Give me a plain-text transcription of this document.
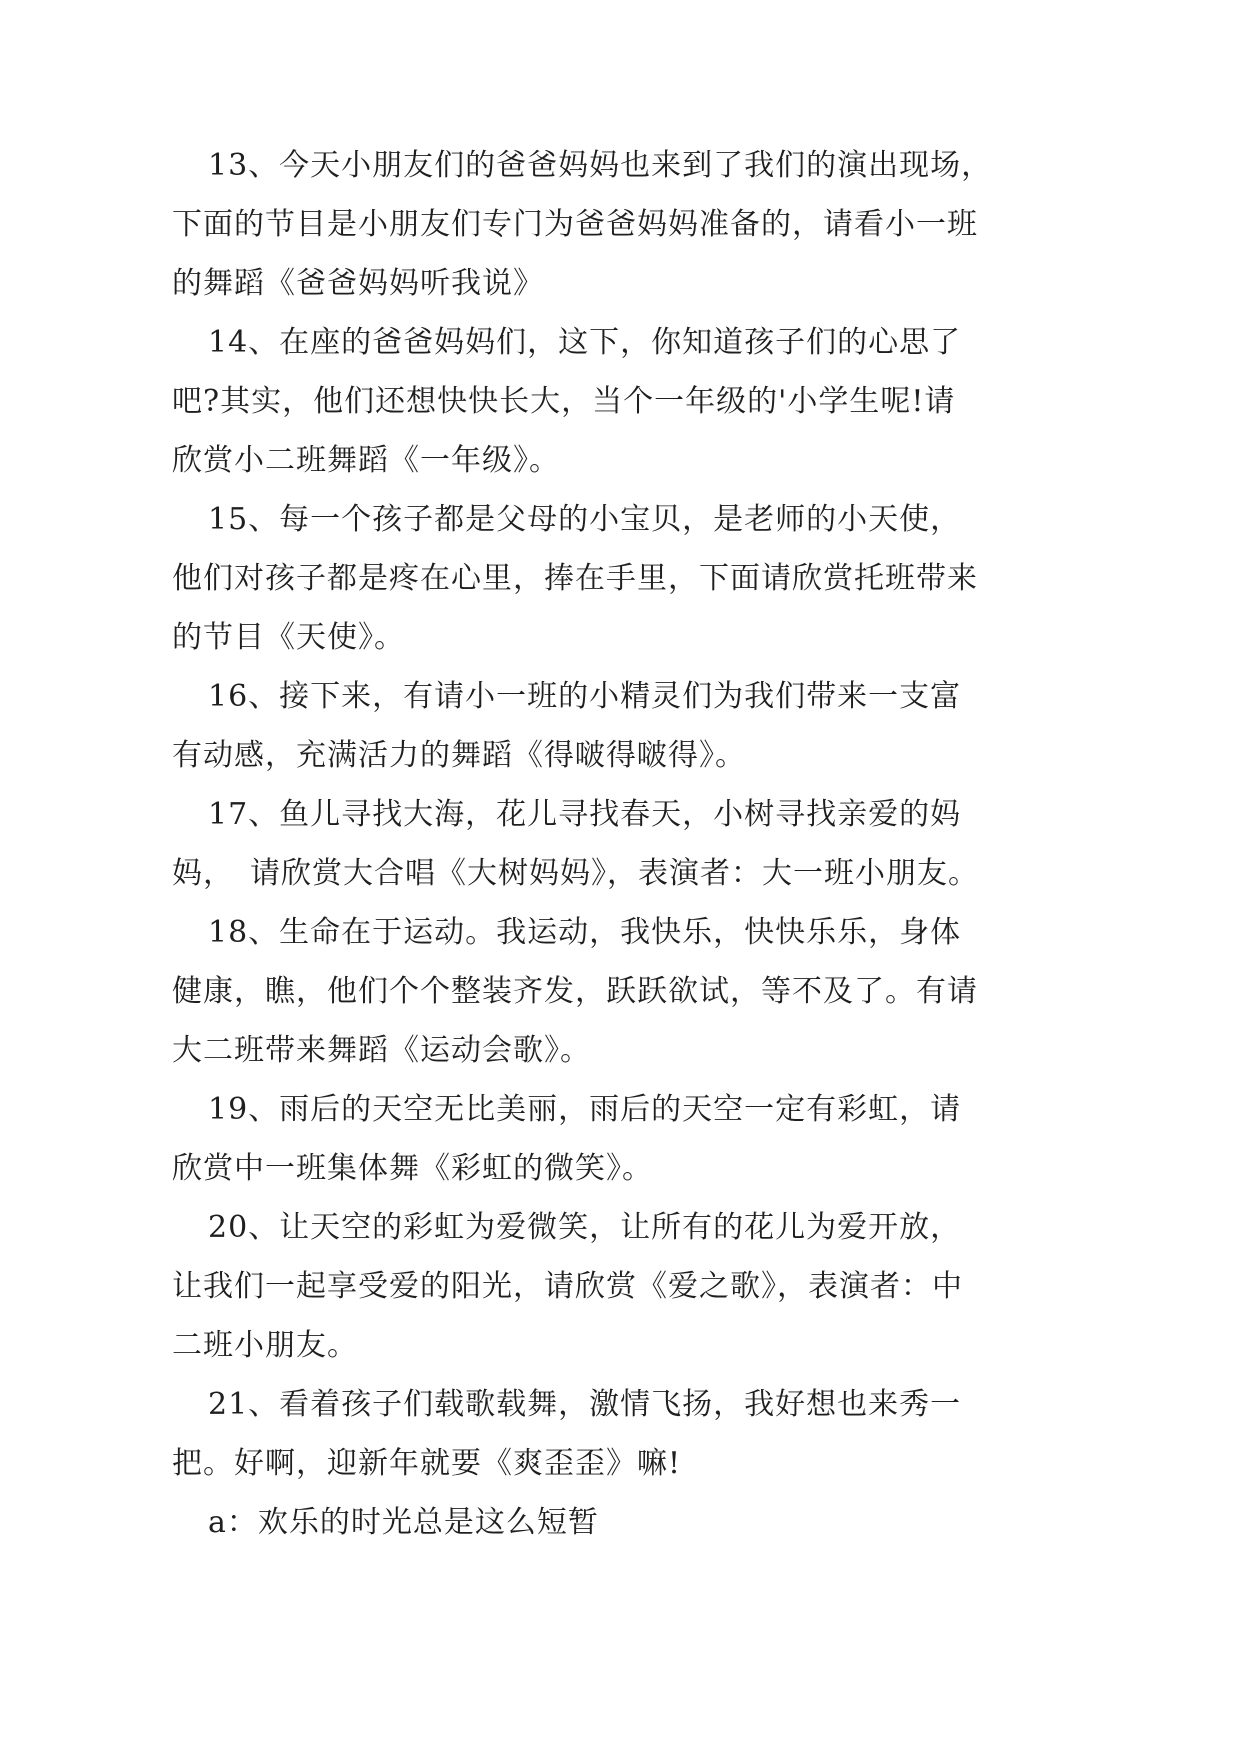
13、今天小朋友们的爸爸妈妈也来到了我们的演出现场，
下面的节目是小朋友们专门为爸爸妈妈准备的，请看小一班
的舞蹈《爸爸妈妈听我说》
14、在座的爸爸妈妈们，这下，你知道孩子们的心思了
吧?其实，他们还想快快长大，当个一年级的'小学生呢!请
欣赏小二班舞蹈《一年级》。
15、每一个孩子都是父母的小宝贝，是老师的小天使，
他们对孩子都是疼在心里，捧在手里，下面请欣赏托班带来
的节目《天使》。
16、接下来，有请小一班的小精灵们为我们带来一支富
有动感，充满活力的舞蹈《得啵得啵得》。
17、鱼儿寻找大海，花儿寻找春天，小树寻找亲爱的妈
妈，　请欣赏大合唱《大树妈妈》，表演者：大一班小朋友。
18、生命在于运动。我运动，我快乐，快快乐乐，身体
健康，瞧，他们个个整装齐发，跃跃欲试，等不及了。有请
大二班带来舞蹈《运动会歌》。
19、雨后的天空无比美丽，雨后的天空一定有彩虹，请
欣赏中一班集体舞《彩虹的微笑》。
20、让天空的彩虹为爱微笑，让所有的花儿为爱开放，
让我们一起享受爱的阳光，请欣赏《爱之歌》，表演者：中
二班小朋友。
21、看着孩子们载歌载舞，激情飞扬，我好想也来秀一
把。好啊，迎新年就要《爽歪歪》嘛!
a：欢乐的时光总是这么短暂
